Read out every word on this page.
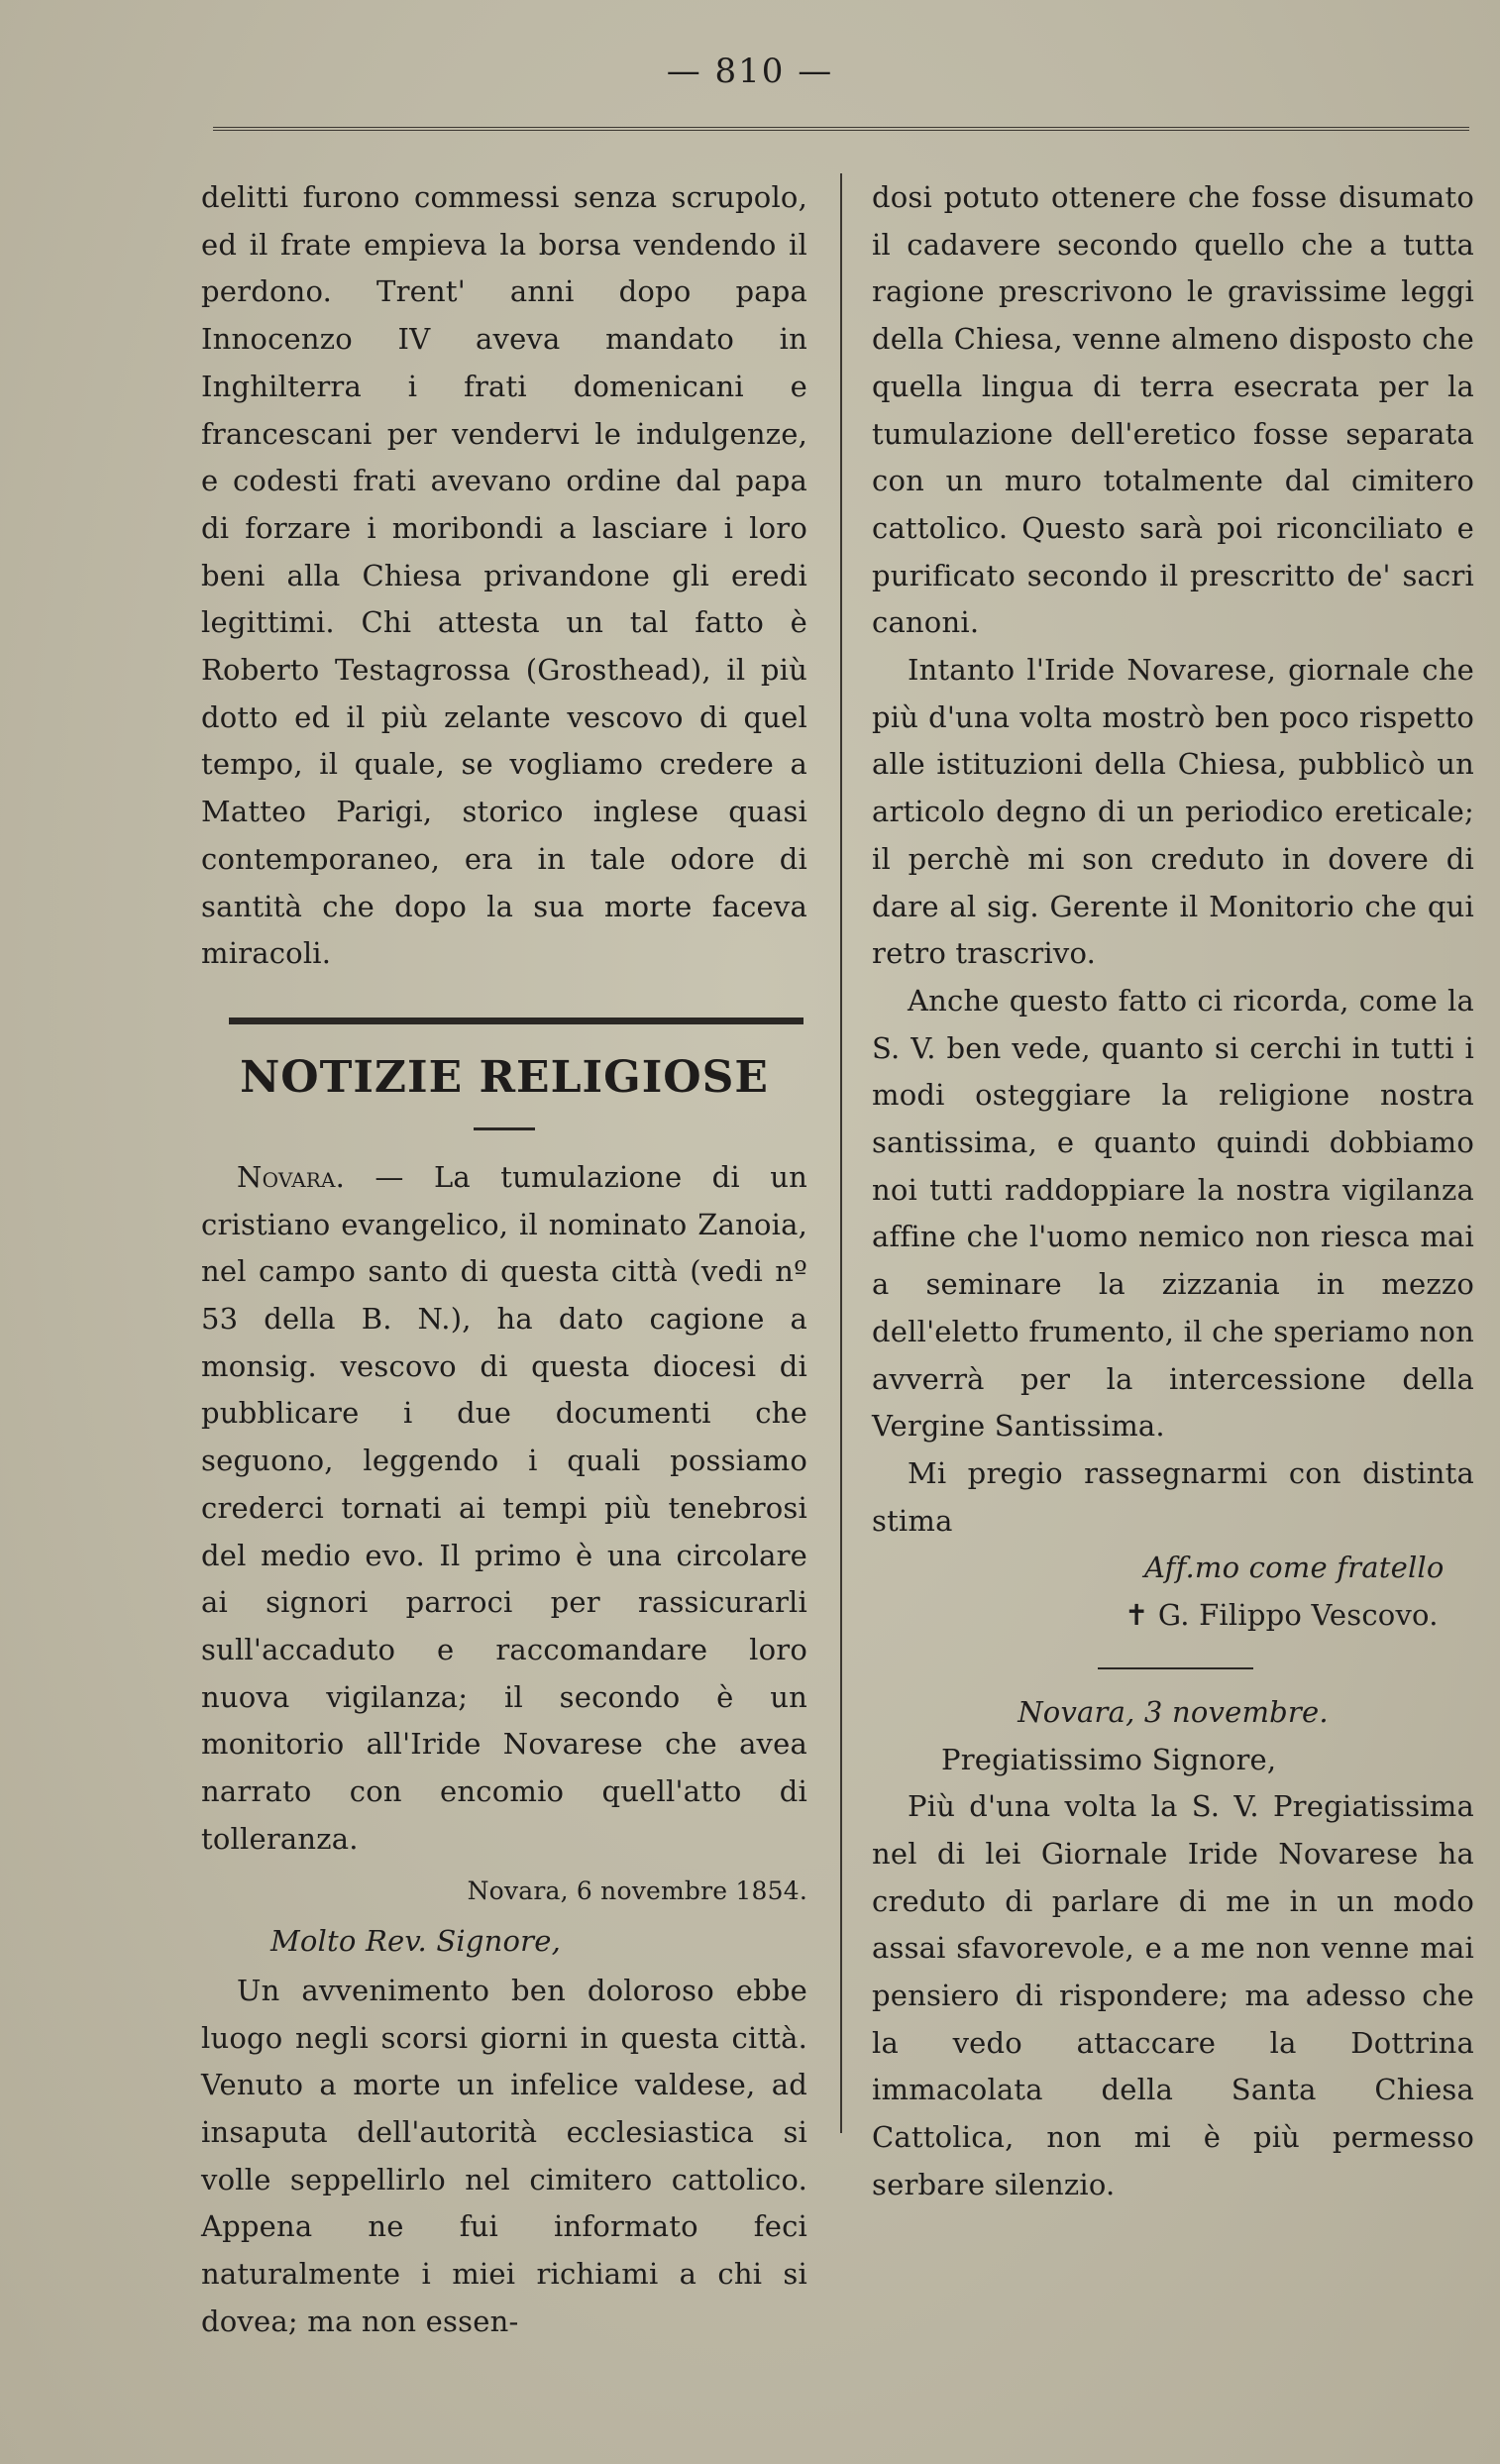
— 810 —

delitti furono commessi senza scrupolo, ed il frate empieva la borsa vendendo il perdono. Trent' anni dopo papa Innocenzo IV aveva mandato in Inghilterra i frati domenicani e francescani per vendervi le indulgenze, e codesti frati avevano ordine dal papa di forzare i moribondi a lasciare i loro beni alla Chiesa privandone gli eredi legittimi. Chi attesta un tal fatto è Roberto Testagrossa (Grosthead), il più dotto ed il più zelante vescovo di quel tempo, il quale, se vogliamo credere a Matteo Parigi, storico inglese quasi contemporaneo, era in tale odore di santità che dopo la sua morte faceva miracoli.

NOTIZIE RELIGIOSE

Novara. — La tumulazione di un cristiano evangelico, il nominato Zanoia, nel campo santo di questa città (vedi nº 53 della B. N.), ha dato cagione a monsig. vescovo di questa diocesi di pubblicare i due documenti che seguono, leggendo i quali possiamo crederci tornati ai tempi più tenebrosi del medio evo. Il primo è una circolare ai signori parroci per rassicurarli sull'accaduto e raccomandare loro nuova vigilanza; il secondo è un monitorio all'Iride Novarese che avea narrato con encomio quell'atto di tolleranza.

Novara, 6 novembre 1854.
Molto Rev. Signore,

Un avvenimento ben doloroso ebbe luogo negli scorsi giorni in questa città. Venuto a morte un infelice valdese, ad insaputa dell'autorità ecclesiastica si volle seppellirlo nel cimitero cattolico. Appena ne fui informato feci naturalmente i miei richiami a chi si dovea; ma non essen-

dosi potuto ottenere che fosse disumato il cadavere secondo quello che a tutta ragione prescrivono le gravissime leggi della Chiesa, venne almeno disposto che quella lingua di terra esecrata per la tumulazione dell'eretico fosse separata con un muro totalmente dal cimitero cattolico. Questo sarà poi riconciliato e purificato secondo il prescritto de' sacri canoni.

Intanto l'Iride Novarese, giornale che più d'una volta mostrò ben poco rispetto alle istituzioni della Chiesa, pubblicò un articolo degno di un periodico ereticale; il perchè mi son creduto in dovere di dare al sig. Gerente il Monitorio che qui retro trascrivo.

Anche questo fatto ci ricorda, come la S. V. ben vede, quanto si cerchi in tutti i modi osteggiare la religione nostra santissima, e quanto quindi dobbiamo noi tutti raddoppiare la nostra vigilanza affine che l'uomo nemico non riesca mai a seminare la zizzania in mezzo dell'eletto frumento, il che speriamo non avverrà per la intercessione della Vergine Santissima.

Mi pregio rassegnarmi con distinta stima

Aff.mo come fratello
✝ G. Filippo Vescovo.
Novara, 3 novembre.
Pregiatissimo Signore,

Più d'una volta la S. V. Pregiatissima nel di lei Giornale Iride Novarese ha creduto di parlare di me in un modo assai sfavorevole, e a me non venne mai pensiero di rispondere; ma adesso che la vedo attaccare la Dottrina immacolata della Santa Chiesa Cattolica, non mi è più permesso serbare silenzio.
